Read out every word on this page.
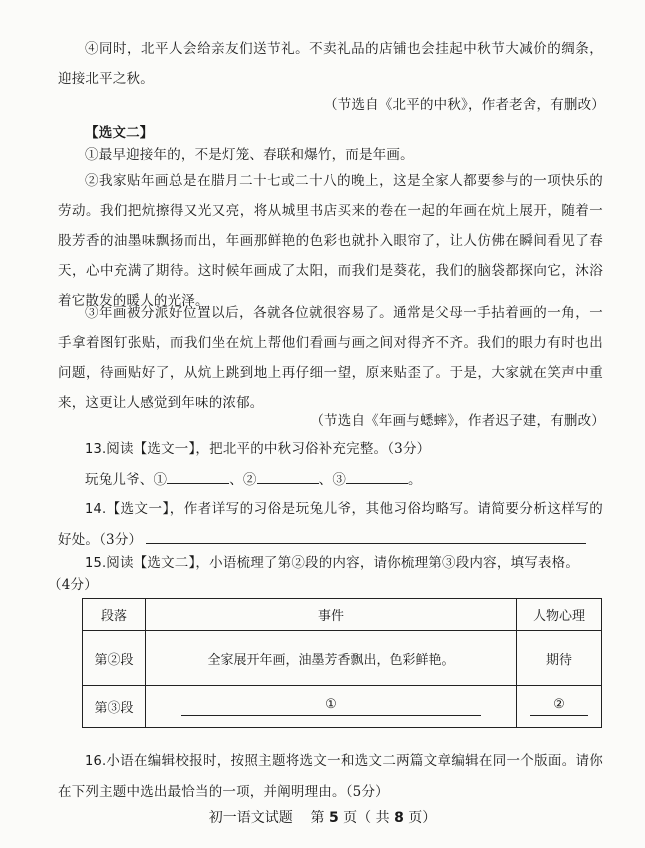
④同时，北平人会给亲友们送节礼。不卖礼品的店铺也会挂起中秋节大减价的绸条，迎接北平之秋。
（节选自《北平的中秋》，作者老舍，有删改）
【选文二】
①最早迎接年的，不是灯笼、春联和爆竹，而是年画。
②我家贴年画总是在腊月二十七或二十八的晚上，这是全家人都要参与的一项快乐的劳动。我们把炕擦得又光又亮，将从城里书店买来的卷在一起的年画在炕上展开，随着一股芳香的油墨味飘扬而出，年画那鲜艳的色彩也就扑入眼帘了，让人仿佛在瞬间看见了春天，心中充满了期待。这时候年画成了太阳，而我们是葵花，我们的脑袋都探向它，沐浴着它散发的暖人的光泽。
③年画被分派好位置以后，各就各位就很容易了。通常是父母一手拈着画的一角，一手拿着图钉张贴，而我们坐在炕上帮他们看画与画之间对得齐不齐。我们的眼力有时也出问题，待画贴好了，从炕上跳到地上再仔细一望，原来贴歪了。于是，大家就在笑声中重来，这更让人感觉到年味的浓郁。
（节选自《年画与蟋蟀》，作者迟子建，有删改）
13.阅读【选文一】，把北平的中秋习俗补充完整。（3分）
玩兔儿爷、①	、②	、③	。
14.【选文一】，作者详写的习俗是玩兔儿爷，其他习俗均略写。请简要分析这样写的好处。（3分）
15.阅读【选文二】，小语梳理了第②段的内容，请你梳理第③段内容，填写表格。
（4分）
段落	事件	人物心理
第②段	全家展开年画，油墨芳香飘出，色彩鲜艳。	期待
第③段	①	②
16.小语在编辑校报时，按照主题将选文一和选文二两篇文章编辑在同一个版面。请你在下列主题中选出最恰当的一项，并阐明理由。（5分）
初一语文试题 第 5 页（ 共 8 页）
